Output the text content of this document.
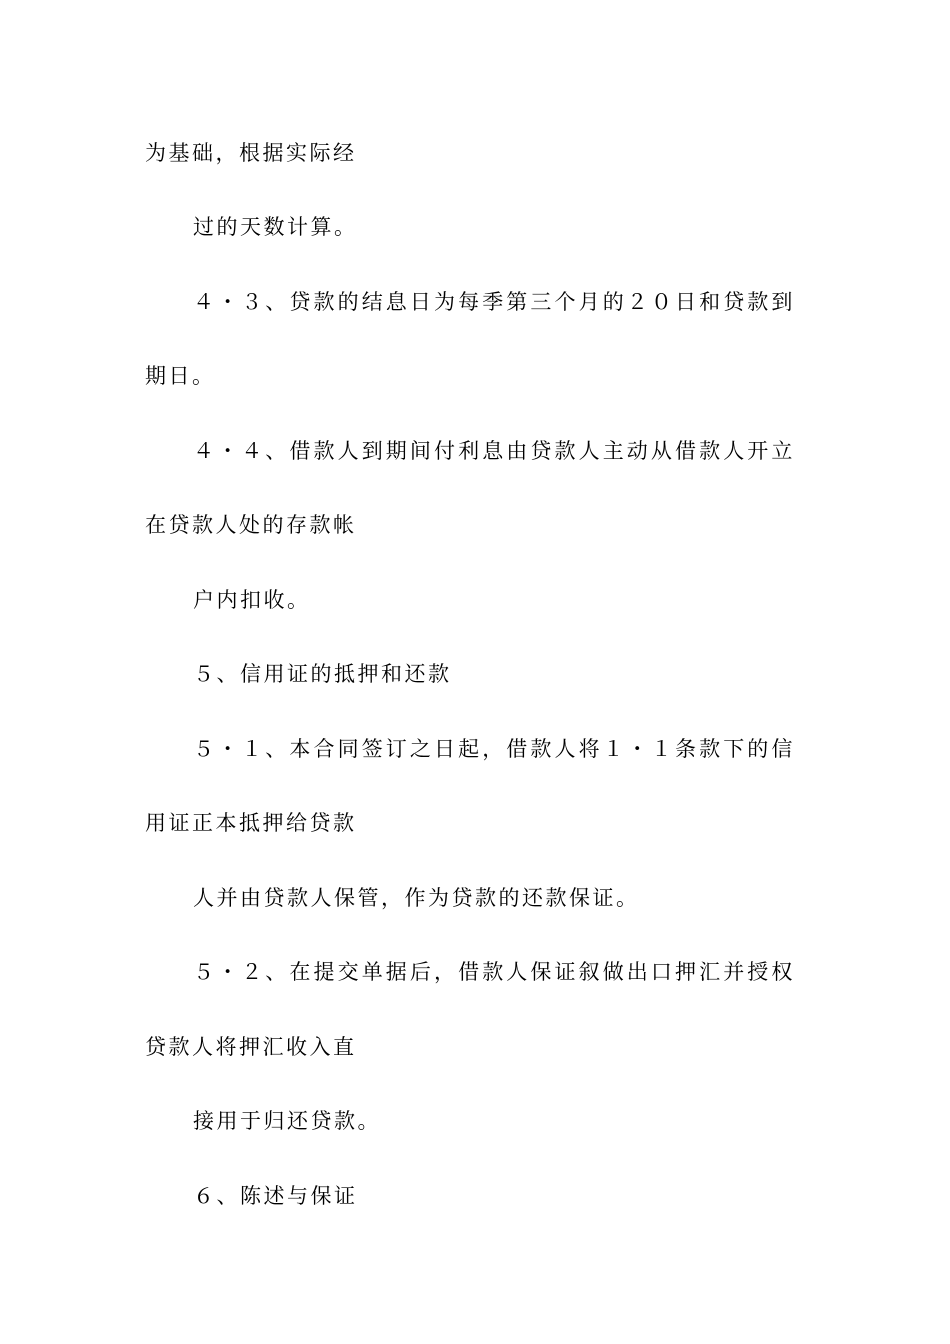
为基础，根据实际经
过的天数计算。
４・３、贷款的结息日为每季第三个月的２０日和贷款到
期日。
４・４、借款人到期间付利息由贷款人主动从借款人开立
在贷款人处的存款帐
户内扣收。
５、信用证的抵押和还款
５・１、本合同签订之日起，借款人将１・１条款下的信
用证正本抵押给贷款
人并由贷款人保管，作为贷款的还款保证。
５・２、在提交单据后，借款人保证叙做出口押汇并授权
贷款人将押汇收入直
接用于归还贷款。
６、陈述与保证
